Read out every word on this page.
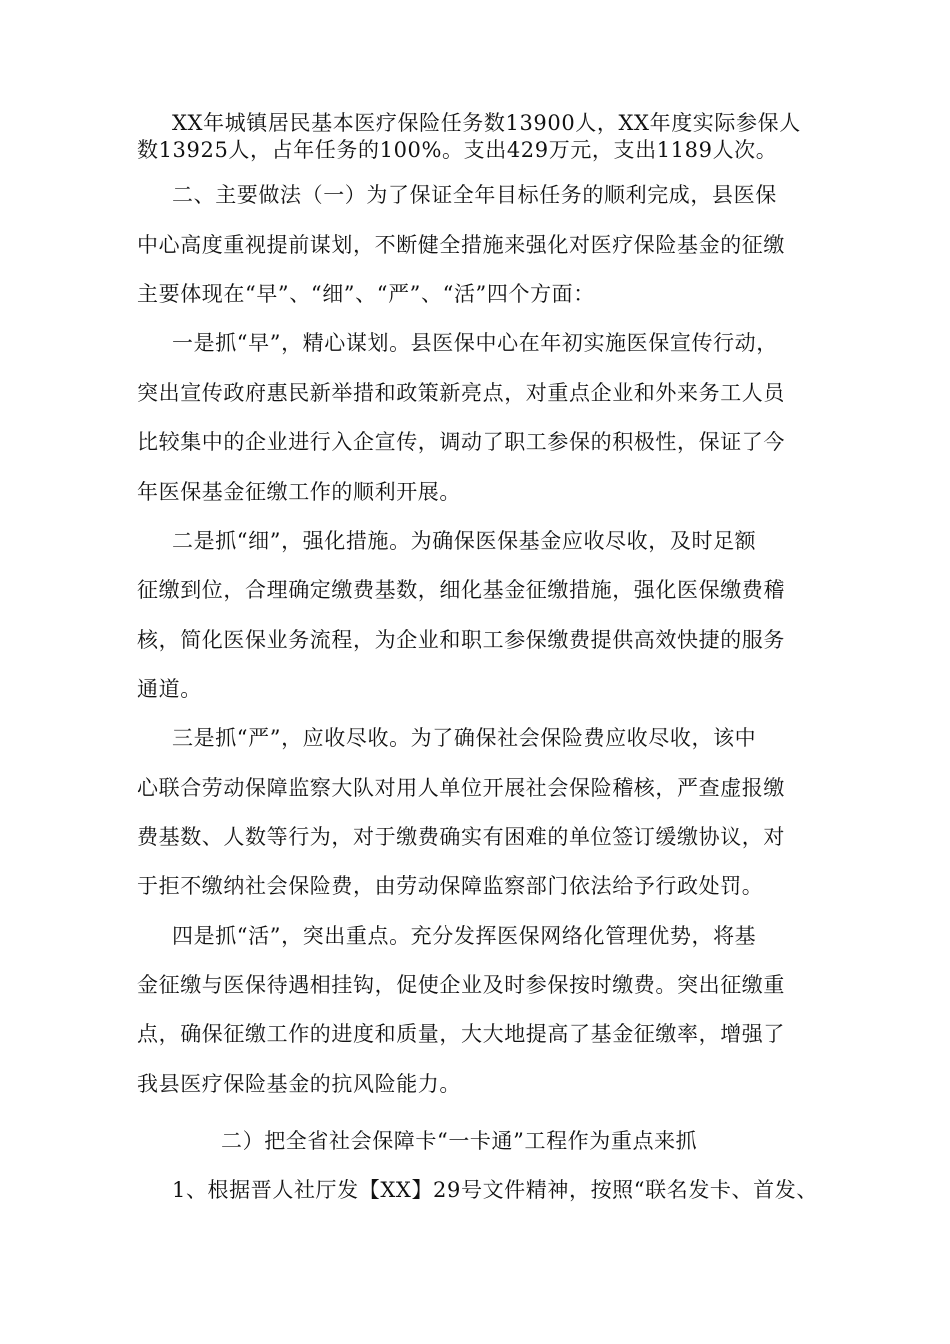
XX年城镇居民基本医疗保险任务数13900人，XX年度实际参保人
数13925人，占年任务的100%。支出429万元，支出1189人次。
二、主要做法（一）为了保证全年目标任务的顺利完成，县医保
中心高度重视提前谋划，不断健全措施来强化对医疗保险基金的征缴
主要体现在“早”、“细”、“严”、“活”四个方面：
一是抓“早”，精心谋划。县医保中心在年初实施医保宣传行动，
突出宣传政府惠民新举措和政策新亮点，对重点企业和外来务工人员
比较集中的企业进行入企宣传，调动了职工参保的积极性，保证了今
年医保基金征缴工作的顺利开展。
二是抓“细”，强化措施。为确保医保基金应收尽收，及时足额
征缴到位，合理确定缴费基数，细化基金征缴措施，强化医保缴费稽
核，简化医保业务流程，为企业和职工参保缴费提供高效快捷的服务
通道。
三是抓“严”，应收尽收。为了确保社会保险费应收尽收，该中
心联合劳动保障监察大队对用人单位开展社会保险稽核，严查虚报缴
费基数、人数等行为，对于缴费确实有困难的单位签订缓缴协议，对
于拒不缴纳社会保险费，由劳动保障监察部门依法给予行政处罚。
四是抓“活”，突出重点。充分发挥医保网络化管理优势，将基
金征缴与医保待遇相挂钩，促使企业及时参保按时缴费。突出征缴重
点，确保征缴工作的进度和质量，大大地提高了基金征缴率，增强了
我县医疗保险基金的抗风险能力。
二）把全省社会保障卡“一卡通”工程作为重点来抓
1、根据晋人社厅发【XX】29号文件精神，按照“联名发卡、首发、
